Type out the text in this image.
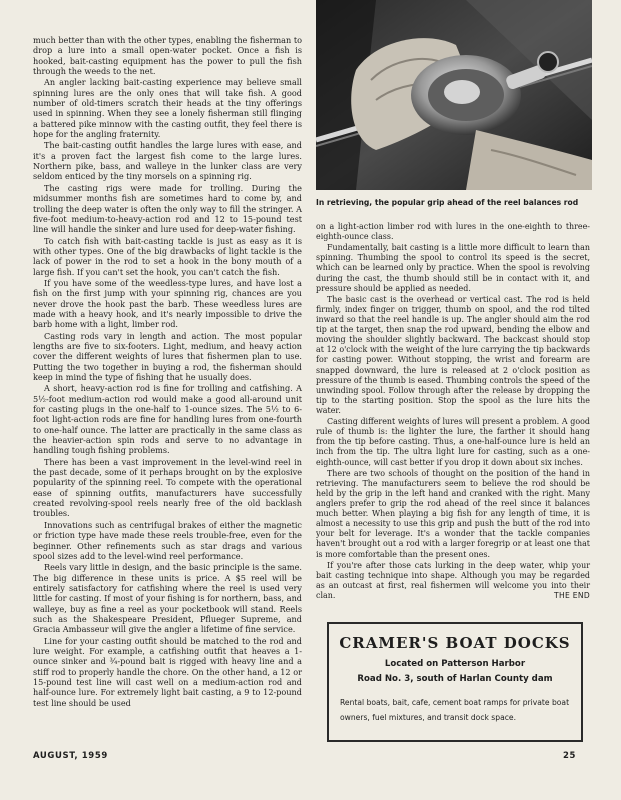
much better than with the other types, enabling the fisherman to drop a lure into a small open-water pocket. Once a fish is hooked, bait-casting equipment has the power to pull the fish through the weeds to the net.

An angler lacking bait-casting experience may believe small spinning lures are the only ones that will take fish. A good number of old-timers scratch their heads at the tiny offerings used in spinning. When they see a lonely fisherman still flinging a battered pike minnow with the casting outfit, they feel there is hope for the angling fraternity.

The bait-casting outfit handles the large lures with ease, and it's a proven fact the largest fish come to the large lures. Northern pike, bass, and walleye in the lunker class are very seldom enticed by the tiny morsels on a spinning rig.

The casting rigs were made for trolling. During the midsummer months fish are sometimes hard to come by, and trolling the deep water is often the only way to fill the stringer. A five-foot medium-to-heavy-action rod and 12 to 15-pound test line will handle the sinker and lure used for deep-water fishing.

To catch fish with bait-casting tackle is just as easy as it is with other types. One of the big drawbacks of light tackle is the lack of power in the rod to set a hook in the bony mouth of a large fish. If you can't set the hook, you can't catch the fish.

If you have some of the weedless-type lures, and have lost a fish on the first jump with your spinning rig, chances are you never drove the hook past the barb. These weedless lures are made with a heavy hook, and it's nearly impossible to drive the barb home with a light, limber rod.

Casting rods vary in length and action. The most popular lengths are five to six-footers. Light, medium, and heavy action cover the different weights of lures that fishermen plan to use. Putting the two together in buying a rod, the fisherman should keep in mind the type of fishing that he usually does.

A short, heavy-action rod is fine for trolling and catfishing. A 5½-foot medium-action rod would make a good all-around unit for casting plugs in the one-half to 1-ounce sizes. The 5½ to 6-foot light-action rods are fine for handling lures from one-fourth to one-half ounce. The latter are practically in the same class as the heavier-action spin rods and serve to no advantage in handling tough fishing problems.

There has been a vast improvement in the level-wind reel in the past decade, some of it perhaps brought on by the explosive popularity of the spinning reel. To compete with the operational ease of spinning outfits, manufacturers have successfully created revolving-spool reels nearly free of the old backlash troubles.

Innovations such as centrifugal brakes of either the magnetic or friction type have made these reels trouble-free, even for the beginner. Other refinements such as star drags and various spool sizes add to the level-wind reel performance.

Reels vary little in design, and the basic principle is the same. The big difference in these units is price. A $5 reel will be entirely satisfactory for catfishing where the reel is used very little for casting. If most of your fishing is for northern, bass, and walleye, buy as fine a reel as your pocketbook will stand. Reels such as the Shakespeare President, Pflueger Supreme, and Gracia Ambasseur will give the angler a lifetime of fine service.

Line for your casting outfit should be matched to the rod and lure weight. For example, a catfishing outfit that heaves a 1-ounce sinker and ¾-pound bait is rigged with heavy line and a stiff rod to properly handle the chore. On the other hand, a 12 or 15-pound test line will cast well on a medium-action rod and half-ounce lure. For extremely light bait casting, a 9 to 12-pound test line should be used

In retrieving, the popular grip ahead of the reel balances rod

on a light-action limber rod with lures in the one-eighth to three-eighth-ounce class.

Fundamentally, bait casting is a little more difficult to learn than spinning. Thumbing the spool to control its speed is the secret, which can be learned only by practice. When the spool is revolving during the cast, the thumb should still be in contact with it, and pressure should be applied as needed.

The basic cast is the overhead or vertical cast. The rod is held firmly, index finger on trigger, thumb on spool, and the rod tilted inward so that the reel handle is up. The angler should aim the rod tip at the target, then snap the rod upward, bending the elbow and moving the shoulder slightly backward. The backcast should stop at 12 o'clock with the weight of the lure carrying the tip backwards for casting power. Without stopping, the wrist and forearm are snapped downward, the lure is released at 2 o'clock position as pressure of the thumb is eased. Thumbing controls the speed of the unwinding spool. Follow through after the release by dropping the tip to the starting position. Stop the spool as the lure hits the water.

Casting different weights of lures will present a problem. A good rule of thumb is: the lighter the lure, the farther it should hang from the tip before casting. Thus, a one-half-ounce lure is held an inch from the tip. The ultra light lure for casting, such as a one-eighth-ounce, will cast better if you drop it down about six inches.

There are two schools of thought on the position of the hand in retrieving. The manufacturers seem to believe the rod should be held by the grip in the left hand and cranked with the right. Many anglers prefer to grip the rod ahead of the reel since it balances much better. When playing a big fish for any length of time, it is almost a necessity to use this grip and push the butt of the rod into your belt for leverage. It's a wonder that the tackle companies haven't brought out a rod with a larger foregrip or at least one that is more comfortable than the present ones.

If you're after those cats lurking in the deep water, whip your bait casting technique into shape. Although you may be regarded as an outcast at first, real fishermen will welcome you into their clan.	THE END

CRAMER'S BOAT DOCKS
Located on Patterson Harbor
Road No. 3, south of Harlan County dam
Rental boats, bait, cafe, cement boat ramps for private boat owners, fuel mixtures, and transit dock space.
AUGUST, 1959	25
